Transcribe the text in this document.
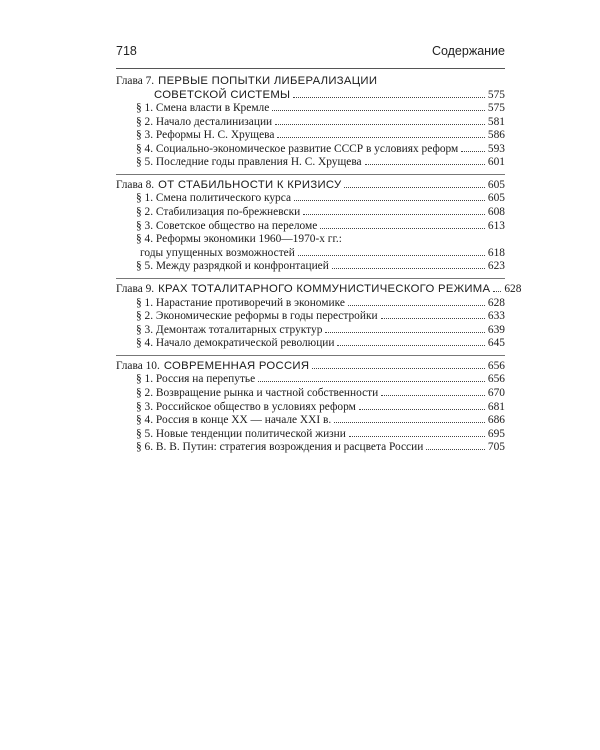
718	Содержание
Глава 7. ПЕРВЫЕ ПОПЫТКИ ЛИБЕРАЛИЗАЦИИ
СОВЕТСКОЙ СИСТЕМЫ	575
§ 1. Смена власти в Кремле	575
§ 2. Начало десталинизации	581
§ 3. Реформы Н. С. Хрущева	586
§ 4. Социально-экономическое развитие СССР в условиях реформ	593
§ 5. Последние годы правления Н. С. Хрущева	601
Глава 8. ОТ СТАБИЛЬНОСТИ К КРИЗИСУ	605
§ 1. Смена политического курса	605
§ 2. Стабилизация по-брежневски	608
§ 3. Советское общество на переломе	613
§ 4. Реформы экономики 1960—1970-х гг.:
годы упущенных возможностей	618
§ 5. Между разрядкой и конфронтацией	623
Глава 9. КРАХ ТОТАЛИТАРНОГО КОММУНИСТИЧЕСКОГО РЕЖИМА 628
§ 1. Нарастание противоречий в экономике	628
§ 2. Экономические реформы в годы перестройки	633
§ 3. Демонтаж тоталитарных структур	639
§ 4. Начало демократической революции	645
Глава 10. СОВРЕМЕННАЯ РОССИЯ	656
§ 1. Россия на перепутье	656
§ 2. Возвращение рынка и частной собственности	670
§ 3. Российское общество в условиях реформ	681
§ 4. Россия в конце XX — начале XXI в.	686
§ 5. Новые тенденции политической жизни	695
§ 6. В. В. Путин: стратегия возрождения и расцвета России	705
